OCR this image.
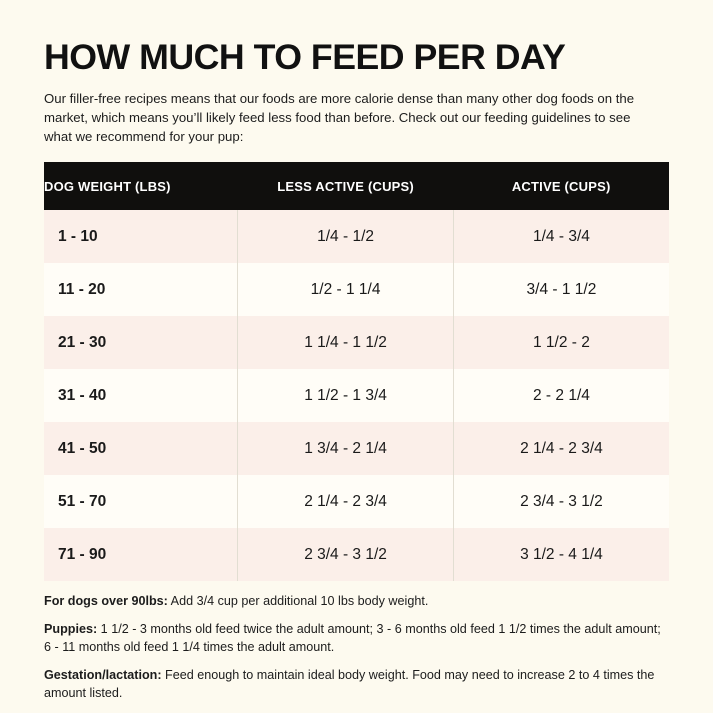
HOW MUCH TO FEED PER DAY

Our filler-free recipes means that our foods are more calorie dense than many other dog foods on the market, which means you’ll likely feed less food than before. Check out our feeding guidelines to see what we recommend for your pup:

DOG WEIGHT (LBS)	LESS ACTIVE (CUPS)	ACTIVE (CUPS)
1 - 10	1/4 - 1/2	1/4 - 3/4
11 - 20	1/2 - 1 1/4	3/4 - 1 1/2
21 - 30	1 1/4 - 1 1/2	1 1/2 - 2
31 - 40	1 1/2 - 1 3/4	2 - 2 1/4
41 - 50	1 3/4 - 2 1/4	2 1/4 - 2 3/4
51 - 70	2 1/4 - 2 3/4	2 3/4 - 3 1/2
71 - 90	2 3/4 - 3 1/2	3 1/2 - 4 1/4

For dogs over 90lbs: Add 3/4 cup per additional 10 lbs body weight.

Puppies: 1 1/2 - 3 months old feed twice the adult amount; 3 - 6 months old feed 1 1/2 times the adult amount; 6 - 11 months old feed 1 1/4 times the adult amount.

Gestation/lactation: Feed enough to maintain ideal body weight. Food may need to increase 2 to 4 times the amount listed.
